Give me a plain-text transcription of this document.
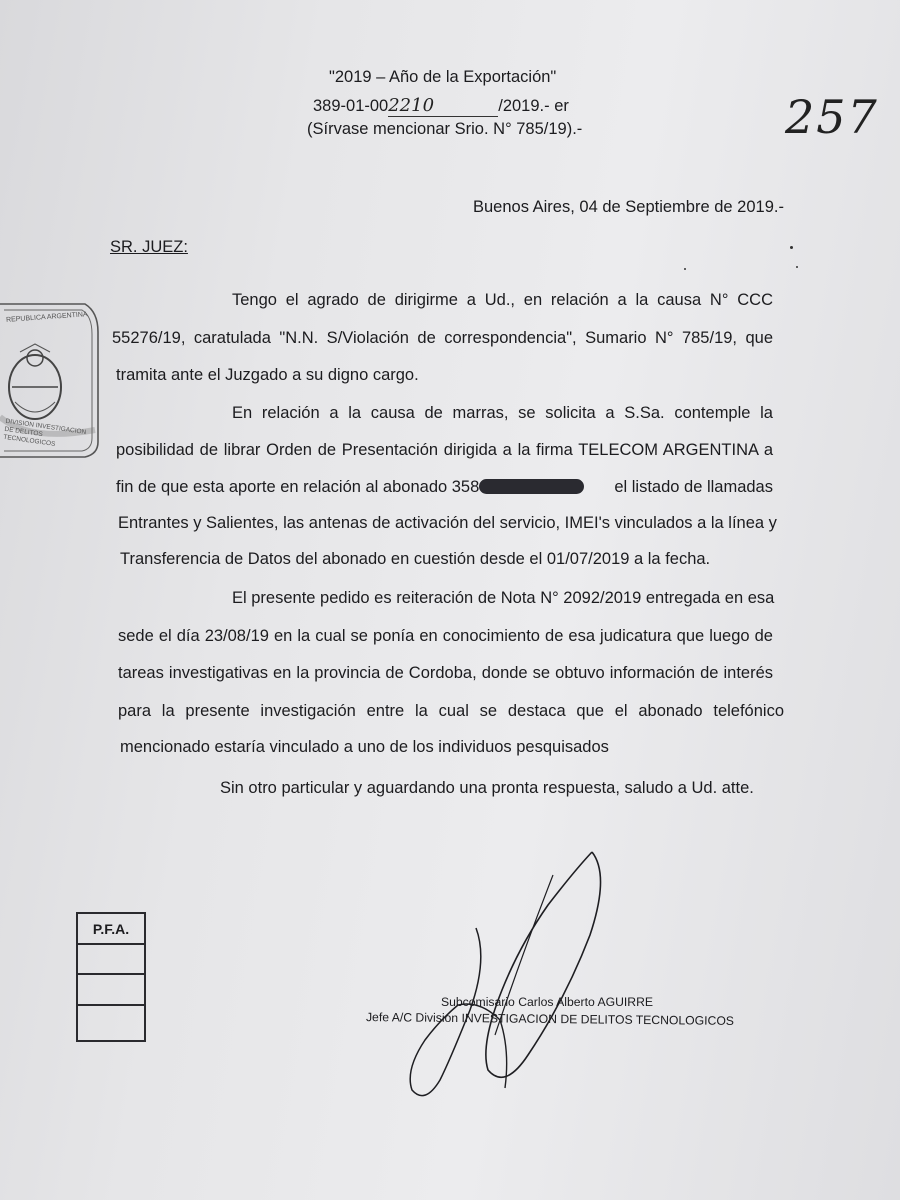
"2019 – Año de la Exportación"
389-01-002210	/2019.- er
(Sírvase mencionar Srio. N° 785/19).-	257
Buenos Aires, 04 de Septiembre de 2019.-
SR. JUEZ:
Tengo el agrado de dirigirme a Ud., en relación a la causa N° CCC
55276/19, caratulada "N.N. S/Violación de correspondencia", Sumario N° 785/19, que
tramita ante el Juzgado a su digno cargo.
En relación a la causa de marras, se solicita a S.Sa. contemple la
posibilidad de librar Orden de Presentación dirigida a la firma TELECOM ARGENTINA a
fin de que esta aporte en relación al abonado 358	el listado de llamadas
Entrantes y Salientes, las antenas de activación del servicio, IMEI's vinculados a la línea y
Transferencia de Datos del abonado en cuestión desde el 01/07/2019 a la fecha.
El presente pedido es reiteración de Nota N° 2092/2019 entregada en esa
sede el día 23/08/19 en la cual se ponía en conocimiento de esa judicatura que luego de
tareas investigativas en la provincia de Cordoba, donde se obtuvo información de interés
para la presente investigación entre la cual se destaca que el abonado telefónico
mencionado estaría vinculado a uno de los individuos pesquisados
Sin otro particular y aguardando una pronta respuesta, saludo a Ud. atte.
P.F.A.
REPUBLICA ARGENTINA
DIVISION INVESTIGACION DE DELITOS TECNOLOGICOS
Subcomisario Carlos Alberto AGUIRRE
Jefe A/C División INVESTIGACION DE DELITOS TECNOLOGICOS
